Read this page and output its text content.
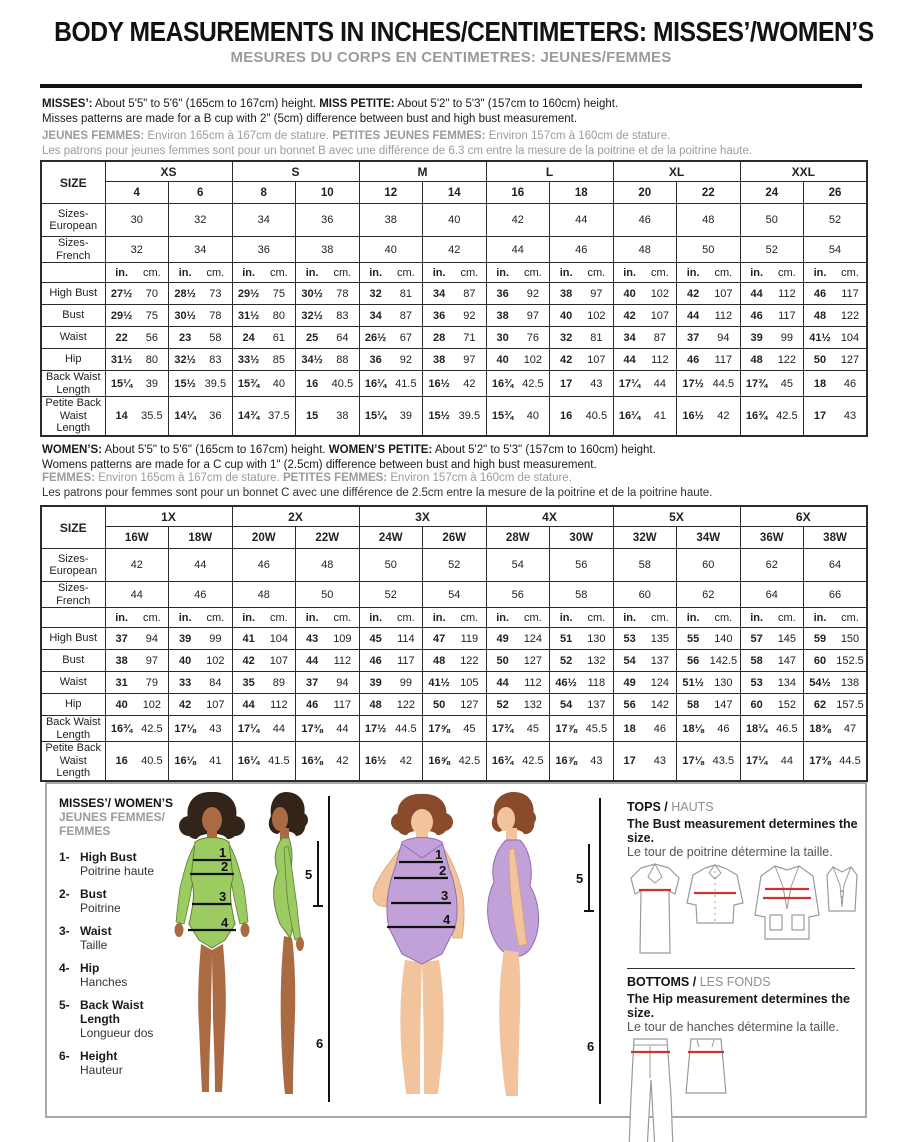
BODY MEASUREMENTS IN INCHES/CENTIMETERS: MISSES’/WOMEN’S
MESURES DU CORPS EN CENTIMETRES: JEUNES/FEMMES
MISSES’: About 5'5" to 5'6" (165cm to 167cm) height. MISS PETITE: About 5'2" to 5'3" (157cm to 160cm) height.
Misses patterns are made for a B cup with 2" (5cm) difference between bust and high bust measurement.
JEUNES FEMMES: Environ 165cm à 167cm de stature. PETITES JEUNES FEMMES: Environ 157cm à 160cm de stature.
Les patrons pour jeunes femmes sont pour un bonnet B avec une différence de 6.3 cm entre la mesure de la poitrine et de la poitrine haute.
SIZE	XS		S		M		L		XL		XXL	
	4	6	8	10	12	14	16	18	20	22	24	26
Sizes-European	30	32	34	36	38	40	42	44	46	48	50	52
Sizes-French	32	34	36	38	40	42	44	46	48	50	52	54
	in. cm.	in. cm.	in. cm.	in. cm.	in. cm.	in. cm.	in. cm.	in. cm.	in. cm.	in. cm.	in. cm.	in. cm.
High Bust	27½ 70	28½ 73	29½ 75	30½ 78	32 81	34 87	36 92	38 97	40 102	42 107	44 112	46 117
Bust	29½ 75	30½ 78	31½ 80	32½ 83	34 87	36 92	38 97	40 102	42 107	44 112	46 117	48 122
Waist	22 56	23 58	24 61	25 64	26½ 67	28 71	30 76	32 81	34 87	37 94	39 99	41½ 104
Hip	31½ 80	32½ 83	33½ 85	34½ 88	36 92	38 97	40 102	42 107	44 112	46 117	48 122	50 127
Back Waist Length	15¼ 39	15½ 39.5	15¾ 40	16 40.5	16¼ 41.5	16½ 42	16¾ 42.5	17 43	17¼ 44	17½ 44.5	17¾ 45	18 46
Petite Back Waist Length	14 35.5	14¼ 36	14¾ 37.5	15 38	15¼ 39	15½ 39.5	15¾ 40	16 40.5	16¼ 41	16½ 42	16¾ 42.5	17 43
WOMEN’S: About 5'5" to 5'6" (165cm to 167cm) height. WOMEN’S PETITE: About 5'2" to 5'3" (157cm to 160cm) height.
Womens patterns are made for a C cup with 1" (2.5cm) difference between bust and high bust measurement.
FEMMES: Environ 165cm à 167cm de stature. PETITES FEMMES: Environ 157cm à 160cm de stature.
Les patrons pour femmes sont pour un bonnet C avec une différence de 2.5cm entre la mesure de la poitrine et de la poitrine haute.
SIZE	1X		2X		3X		4X		5X		6X	
	16W	18W	20W	22W	24W	26W	28W	30W	32W	34W	36W	38W
Sizes-European	42	44	46	48	50	52	54	56	58	60	62	64
Sizes-French	44	46	48	50	52	54	56	58	60	62	64	66
	in. cm.	in. cm.	in. cm.	in. cm.	in. cm.	in. cm.	in. cm.	in. cm.	in. cm.	in. cm.	in. cm.	in. cm.
High Bust	37 94	39 99	41 104	43 109	45 114	47 119	49 124	51 130	53 135	55 140	57 145	59 150
Bust	38 97	40 102	42 107	44 112	46 117	48 122	50 127	52 132	54 137	56 142.5	58 147	60 152.5
Waist	31 79	33 84	35 89	37 94	39 99	41½ 105	44 112	46½ 118	49 124	51½ 130	53 134	54½ 138
Hip	40 102	42 107	44 112	46 117	48 122	50 127	52 132	54 137	56 142	58 147	60 152	62 157.5
Back Waist Length	16¾ 42.5	17⅛ 43	17¼ 44	17⅜ 44	17½ 44.5	17⅝ 45	17¾ 45	17⅞ 45.5	18 46	18⅛ 46	18¼ 46.5	18⅜ 47
Petite Back Waist Length	16 40.5	16⅛ 41	16¼ 41.5	16⅜ 42	16½ 42	16⅝ 42.5	16¾ 42.5	16⅞ 43	17 43	17⅛ 43.5	17¼ 44	17⅜ 44.5
MISSES’/ WOMEN’S
JEUNES FEMMES/ FEMMES
1- High Bust
Poitrine haute
2- Bust
Poitrine
3- Waist
Taille
4- Hip
Hanches
5- Back Waist Length
Longueur dos
6- Height
Hauteur
1
2
3
4
5
6
1
2
3
4
5
6
TOPS / HAUTS
The Bust measurement determines the size.
Le tour de poitrine détermine la taille.
BOTTOMS / LES FONDS
The Hip measurement determines the size.
Le tour de hanches détermine la taille.
